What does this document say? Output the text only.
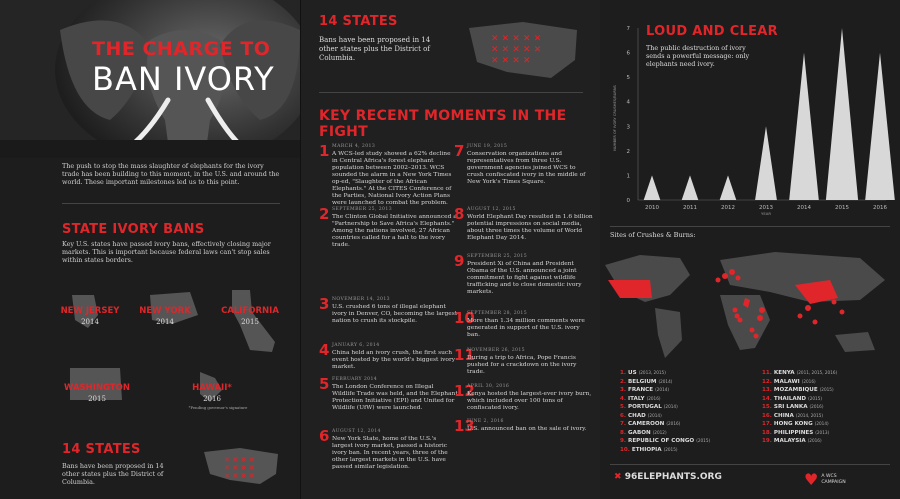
THE CHARGE TO
BAN IVORY
The push to stop the mass slaughter of elephants for the ivory trade has been building to this moment, in the U.S. and around the world. These important milestones led us to this point.
STATE IVORY BANS
Key U.S. states have passed ivory bans, effectively closing major markets. This is important because federal laws can't stop sales within states borders.
NEW JERSEY
2014
NEW YORK
2014
CALIFORNIA
2015
WASHINGTON
2015
HAWAII*
2016
*Pending governor's signature
14 STATES
Bans have been proposed in 14 other states plus the District of Columbia.
✕ ✕ ✕ ✕
✕ ✕ ✕ ✕
✕ ✕ ✕ ✕
14 STATES
Bans have been proposed in 14 other states plus the District of Columbia.
✕ ✕ ✕ ✕ ✕
✕ ✕ ✕ ✕ ✕
✕ ✕ ✕ ✕
KEY RECENT MOMENTS IN THE FIGHT
1 MARCH 4, 2013
A WCS-led study showed a 62% decline in Central Africa's forest elephant population between 2002–2013. WCS sounded the alarm in a New York Times op-ed, "Slaughter of the African Elephants." At the CITES Conference of the Parties, National Ivory Action Plans were launched to combat the problem.
2 SEPTEMBER 25, 2013
The Clinton Global Initiative announced a "Partnership to Save Africa's Elephants." Among the nations involved, 27 African countries called for a halt to the ivory trade.
3 NOVEMBER 14, 2013
U.S. crushed 6 tons of illegal elephant ivory in Denver, CO, becoming the largest nation to crush its stockpile.
4 JANUARY 6, 2014
China held an ivory crush, the first such event hosted by the world's biggest ivory market.
5 FEBRUARY 2014
The London Conference on Illegal Wildlife Trade was held, and the Elephant Protection Initiative (EPI) and United for Wildlife (UfW) were launched.
6 AUGUST 12, 2014
New York State, home of the U.S.'s largest ivory market, passed a historic ivory ban. In recent years, three of the other largest markets in the U.S. have passed similar legislation.
7 JUNE 19, 2015
Conservation organizations and representatives from three U.S. government agencies joined WCS to crush confiscated ivory in the middle of New York's Times Square.
8 AUGUST 12, 2015
World Elephant Day resulted in 1.6 billion potential impressions on social media, about three times the volume of World Elephant Day 2014.
9 SEPTEMBER 25, 2015
President Xi of China and President Obama of the U.S. announced a joint commitment to fight against wildlife trafficking and to close domestic ivory markets.
10
SEPTEMBER 28, 2015
More than 1.34 million comments were generated in support of the U.S. ivory ban.
11
NOVEMBER 26, 2015
During a trip to Africa, Pope Francis pushed for a crackdown on the ivory trade.
12
APRIL 30, 2016
Kenya hosted the largest-ever ivory burn, which included over 100 tons of confiscated ivory.
13
JUNE 2, 2016
U.S. announced ban on the sale of ivory.
LOUD AND CLEAR
The public destruction of ivory sends a powerful message: only elephants need ivory.
0
1
2
3
4
5
6
7
2010	2011	2012	2013	2014	2015	2016
YEAR
NUMBER OF IVORY CRUSHES/BURNS
Sites of Crushes & Burns:
1. US (2013, 2015)
2. BELGIUM (2014)
3. FRANCE (2014)
4. ITALY (2016)
5. PORTUGAL (2014)
6. CHAD (2014)
7. CAMEROON (2016)
8. GABON (2012)
9. REPUBLIC OF CONGO (2015)
10. ETHIOPIA (2015)
11. KENYA (2011, 2015, 2016)
12. MALAWI (2016)
13. MOZAMBIQUE (2015)
14. THAILAND (2015)
15. SRI LANKA (2016)
16. CHINA (2014, 2015)
17. HONG KONG (2014)
18. PHILIPPINES (2013)
19. MALAYSIA (2016)
✖ 96ELEPHANTS.ORG	♥ A WCS CAMPAIGN
